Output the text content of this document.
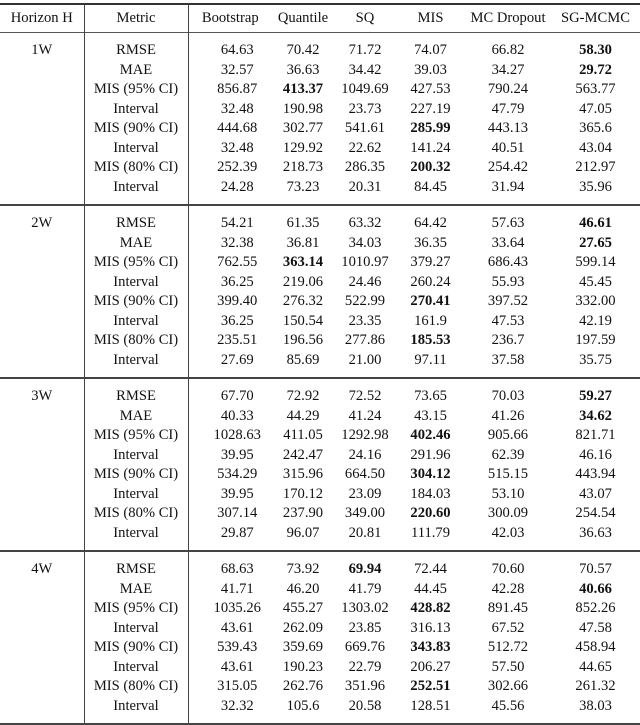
Horizon H	Metric	Bootstrap	Quantile	SQ	MIS	MC Dropout	SG-MCMC
1W	RMSE	64.63	70.42	71.72	74.07	66.82	58.30
	MAE	32.57	36.63	34.42	39.03	34.27	29.72
	MIS (95% CI)	856.87	413.37	1049.69	427.53	790.24	563.77
	Interval	32.48	190.98	23.73	227.19	47.79	47.05
	MIS (90% CI)	444.68	302.77	541.61	285.99	443.13	365.6
	Interval	32.48	129.92	22.62	141.24	40.51	43.04
	MIS (80% CI)	252.39	218.73	286.35	200.32	254.42	212.97
	Interval	24.28	73.23	20.31	84.45	31.94	35.96
2W	RMSE	54.21	61.35	63.32	64.42	57.63	46.61
	MAE	32.38	36.81	34.03	36.35	33.64	27.65
	MIS (95% CI)	762.55	363.14	1010.97	379.27	686.43	599.14
	Interval	36.25	219.06	24.46	260.24	55.93	45.45
	MIS (90% CI)	399.40	276.32	522.99	270.41	397.52	332.00
	Interval	36.25	150.54	23.35	161.9	47.53	42.19
	MIS (80% CI)	235.51	196.56	277.86	185.53	236.7	197.59
	Interval	27.69	85.69	21.00	97.11	37.58	35.75
3W	RMSE	67.70	72.92	72.52	73.65	70.03	59.27
	MAE	40.33	44.29	41.24	43.15	41.26	34.62
	MIS (95% CI)	1028.63	411.05	1292.98	402.46	905.66	821.71
	Interval	39.95	242.47	24.16	291.96	62.39	46.16
	MIS (90% CI)	534.29	315.96	664.50	304.12	515.15	443.94
	Interval	39.95	170.12	23.09	184.03	53.10	43.07
	MIS (80% CI)	307.14	237.90	349.00	220.60	300.09	254.54
	Interval	29.87	96.07	20.81	111.79	42.03	36.63
4W	RMSE	68.63	73.92	69.94	72.44	70.60	70.57
	MAE	41.71	46.20	41.79	44.45	42.28	40.66
	MIS (95% CI)	1035.26	455.27	1303.02	428.82	891.45	852.26
	Interval	43.61	262.09	23.85	316.13	67.52	47.58
	MIS (90% CI)	539.43	359.69	669.76	343.83	512.72	458.94
	Interval	43.61	190.23	22.79	206.27	57.50	44.65
	MIS (80% CI)	315.05	262.76	351.96	252.51	302.66	261.32
	Interval	32.32	105.6	20.58	128.51	45.56	38.03
